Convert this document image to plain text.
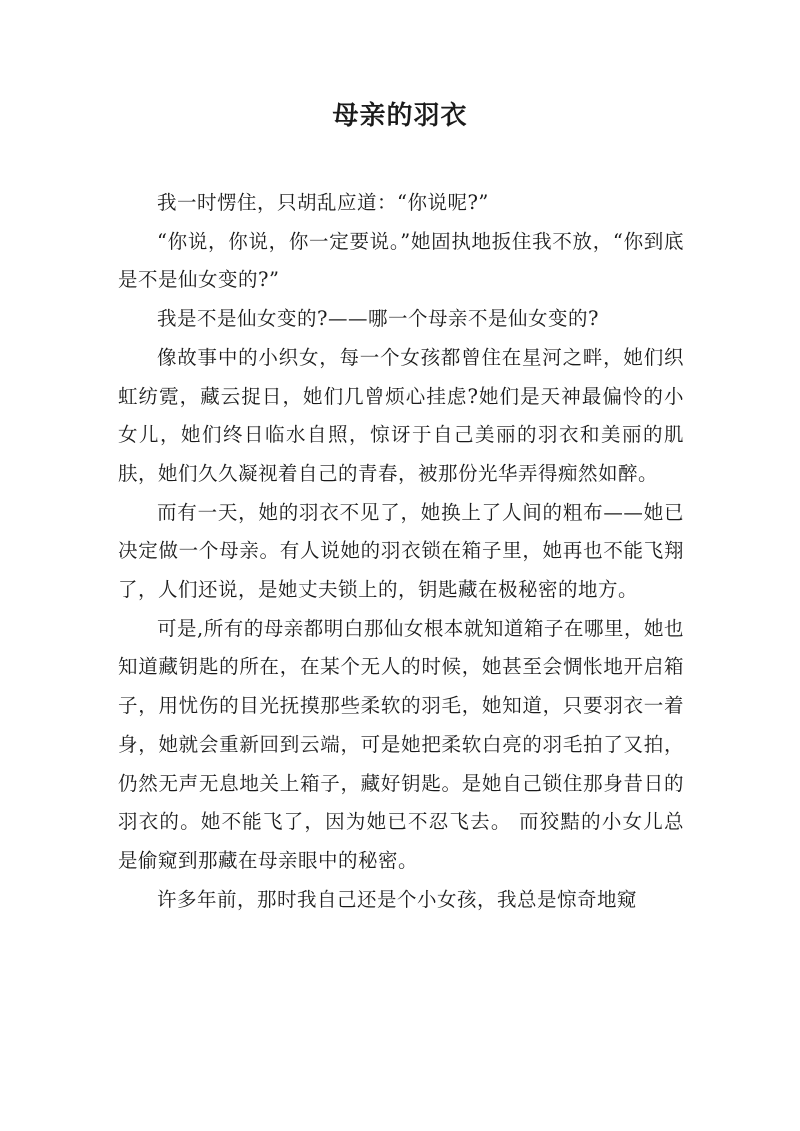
母亲的羽衣

我一时愣住，只胡乱应道：“你说呢?”

“你说，你说，你一定要说。”她固执地扳住我不放，“你到底是不是仙女变的?”

我是不是仙女变的?——哪一个母亲不是仙女变的?

像故事中的小织女，每一个女孩都曾住在星河之畔，她们织虹纺霓，藏云捉日，她们几曾烦心挂虑?她们是天神最偏怜的小女儿，她们终日临水自照，惊讶于自己美丽的羽衣和美丽的肌肤，她们久久凝视着自己的青春，被那份光华弄得痴然如醉。

而有一天，她的羽衣不见了，她换上了人间的粗布——她已决定做一个母亲。有人说她的羽衣锁在箱子里，她再也不能飞翔了，人们还说，是她丈夫锁上的，钥匙藏在极秘密的地方。

可是,所有的母亲都明白那仙女根本就知道箱子在哪里，她也知道藏钥匙的所在，在某个无人的时候，她甚至会惆怅地开启箱子，用忧伤的目光抚摸那些柔软的羽毛，她知道，只要羽衣一着身，她就会重新回到云端，可是她把柔软白亮的羽毛拍了又拍，仍然无声无息地关上箱子，藏好钥匙。是她自己锁住那身昔日的羽衣的。她不能飞了，因为她已不忍飞去。 而狡黠的小女儿总是偷窥到那藏在母亲眼中的秘密。

许多年前，那时我自己还是个小女孩，我总是惊奇地窥
